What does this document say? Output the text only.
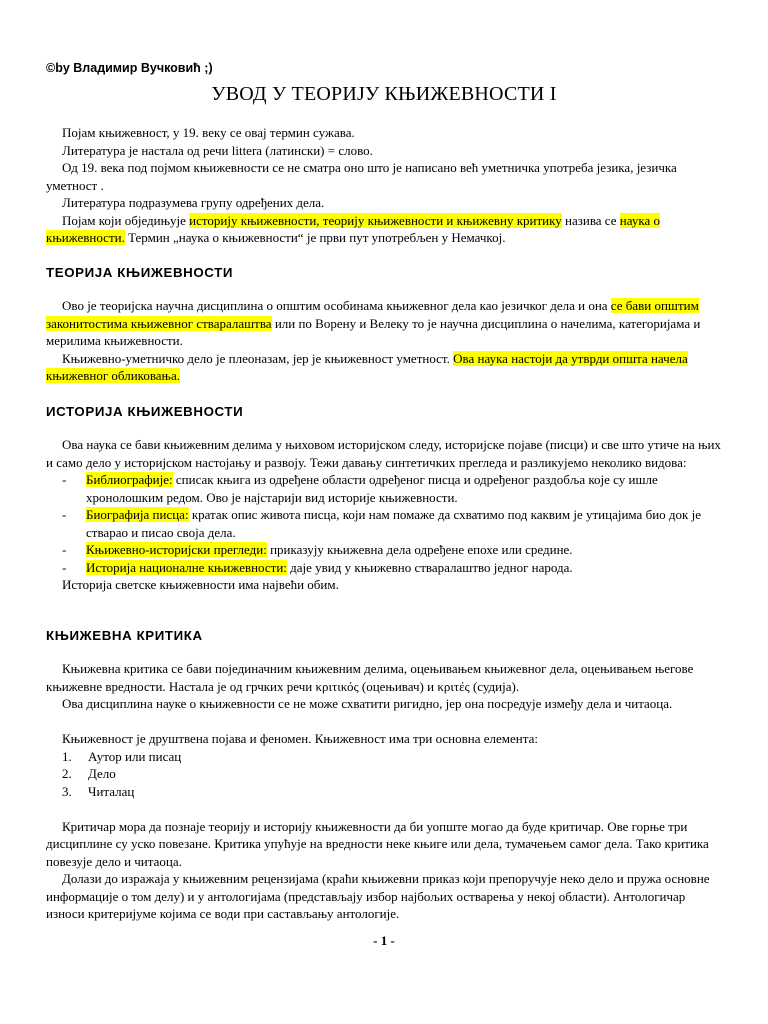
©by Владимир Вучковић ;)
УВОД У ТЕОРИЈУ КЊИЖЕВНОСТИ I

Појам књижевност, у 19. веку се овај термин сужава.

Литература је настала од речи littera (латински) = слово.

Од 19. века под појмом књижевности се не сматра оно што је написано већ уметничка употреба језика, језичка уметност .

Литература подразумева групу одређених дела.

Појам који обједињује историју књижевности, теорију књижевности и књижевну критику назива се наука о књижевности. Термин „наука о књижевности“ је први пут употребљен у Немачкој.

ТЕОРИЈА КЊИЖЕВНОСТИ

Ово је теоријска научна дисциплина о општим особинама књижевног дела као језичког дела и она се бави општим законитостима књижевног стваралаштва или по Ворену и Велеку то је научна дисциплина о начелима, категоријама и мерилима књижевности.

Књижевно-уметничко дело је плеоназам, јер је књижевност уметност. Ова наука настоји да утврди општа начела књижевног обликовања.

ИСТОРИЈА КЊИЖЕВНОСТИ

Ова наука се бави књижевним делима у њиховом историјском следу, историјске појаве (писци) и све што утиче на њих и само дело у историјском настојању и развоју. Тежи давању синтетичких прегледа и разликујемо неколико видова:

- Библиографије: списак књига из одређене области одређеног писца и одређеног раздобља које су ишле хронолошким редом. Ово је најстарији вид историје књижевности.
- Биографија писца: кратак опис живота писца, који нам помаже да схватимо под каквим је утицајима био док је стварао и писао своја дела.
- Књижевно-историјски прегледи: приказују књижевна дела одређене епохе или средине.
- Историја националне књижевности: даје увид у књижевно стваралаштво једног народа.

Историја светске књижевности има највећи обим.

КЊИЖЕВНА КРИТИКА

Књижевна критика се бави појединачним књижевним делима, оцењивањем књижевног дела, оцењивањем његове књижевне вредности. Настала је од грчких речи κριτικός (оцењивач) и κριτές (судија).

Ова дисциплина науке о књижевности се не може схватити ригидно, јер она посредује између дела и читаоца.

Књижевност је друштвена појава и феномен. Књижевност има три основна елемента:

1. Аутор или писац
2. Дело
3. Читалац

Критичар мора да познаје теорију и историју књижевности да би уопште могао да буде критичар. Ове горње три дисциплине су уско повезане. Критика упућује на вредности неке књиге или дела, тумачењем самог дела. Тако критика повезује дело и читаоца.

Долази до изражаја у књижевним рецензијама (краћи књижевни приказ који препоручује неко дело и пружа основне информације о том делу) и у антологијама (представљају избор најбољих остварења у некој области). Антологичар износи критеријуме којима се води при састављању антологије.

- 1 -
